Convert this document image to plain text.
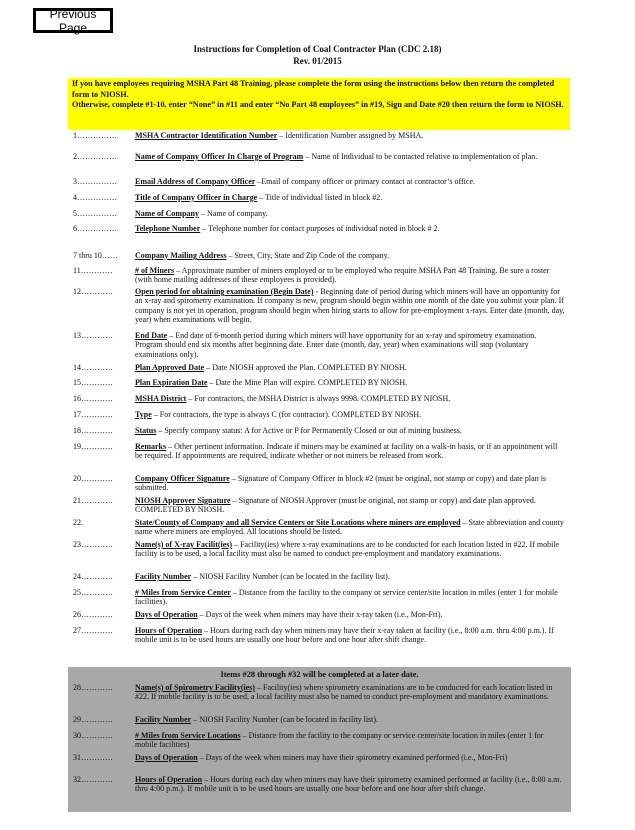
Previous Page
Instructions for Completion of Coal Contractor Plan (CDC 2.18)
Rev. 01/2015
If you have employees requiring MSHA Part 48 Training, please complete the form using the instructions below then return the completed form to NIOSH.
Otherwise, complete #1-10, enter “None” in #11 and enter “No Part 48 employees” in #19, Sign and Date #20 then return the form to NIOSH.
Items #28 through #32 will be completed at a later date.
1……………	MSHA Contractor Identification Number – Identification Number assigned by MSHA.
2……………	Name of Company Officer In Charge of Program – Name of Individual to be contacted relative to implementation of plan.
3……………	Email Address of Company Officer –Email of company officer or primary contact at contractor’s office.
4……………	Title of Company Officer in Charge – Title of individual listed in block #2.
5……………	Name of Company – Name of company.
6……………	Telephone Number – Telephone number for contact purposes of individual noted in block # 2.
7 thru 10……	Company Mailing Address – Street, City, State and Zip Code of the company.
11…………	# of Miners – Approximate number of miners employed or to be employed who require MSHA Part 48 Training. Be sure a roster (with home mailing addresses of these employees is provided).
12…………	Open period for obtaining examination (Begin Date) - Beginning date of period during which miners will have an opportunity for an x-ray and spirometry examination. If company is new, program should begin within one month of the date you submit your plan. If company is not yet in operation, program should begin when hiring starts to allow for pre-employment x-rays. Enter date (month, day, year) when examinations will begin.
13…………	End Date – End date of 6-month period during which miners will have opportunity for an x-ray and spirometry examination. Program should end six months after beginning date. Enter date (month, day, year) when examinations will stop (voluntary examinations only).
14…………	Plan Approved Date – Date NIOSH approved the Plan. COMPLETED BY NIOSH.
15…………	Plan Expiration Date – Date the Mine Plan will expire. COMPLETED BY NIOSH.
16…………	MSHA District – For contractors, the MSHA District is always 9998. COMPLETED BY NIOSH.
17…………	Type – For contractors, the type is always C (for contractor). COMPLETED BY NIOSH.
18…………	Status – Specify company status: A for Active or P for Permanently Closed or out of mining business.
19…………	Remarks – Other pertinent information. Indicate if miners may be examined at facility on a walk-in basis, or if an appointment will be required. If appointments are required, indicate whether or not miners be released from work.
20…………	Company Officer Signature – Signature of Company Officer in block #2 (must be original, not stamp or copy) and date plan is submitted.
21…………	NIOSH Approver Signature – Signature of NIOSH Approver (must be original, not stamp or copy) and date plan approved. COMPLETED BY NIOSH.
22.	State/County of Company and all Service Centers or Site Locations where miners are employed – State abbreviation and county name where miners are employed. All locations should be listed.
23…………	Name(s) of X-ray Facilit(ies) – Facility(ies) where x-ray examinations are to be conducted for each location listed in #22. If mobile facility is to be used, a local facility must also be named to conduct pre-employment and mandatory examinations.
24…………	Facility Number – NIOSH Facility Number (can be located in the facility list).
25…………	# Miles from Service Center – Distance from the facility to the company or service center/site location in miles (enter 1 for mobile facilities).
26…………	Days of Operation – Days of the week when miners may have their x-ray taken (i.e., Mon-Fri).
27…………	Hours of Operation – Hours during each day when miners may have their x-ray taken at facility (i.e., 8:00 a.m. thru 4:00 p.m.). If mobile unit is to be used hours are usually one hour before and one hour after shift change.
28…………	Name(s) of Spirometry Facility(ies) – Facility(ies) where spirometry examinations are to be conducted for each location listed in #22. If mobile facility is to be used, a local facility must also be named to conduct pre-employment and mandatory examinations.
29…………	Facility Number – NIOSH Facility Number (can be located in facility list).
30…………	# Miles from Service Locations – Distance from the facility to the company or service center/site location in miles (enter 1 for mobile facilities)
31…………	Days of Operation – Days of the week when miners may have their spirometry examined performed (i.e., Mon-Fri)
32…………	Hours of Operation – Hours during each day when miners may have their spirometry examined performed at facility (i.e., 8:00 a.m. thru 4:00 p.m.). If mobile unit is to be used hours are usually one hour before and one hour after shift change.
